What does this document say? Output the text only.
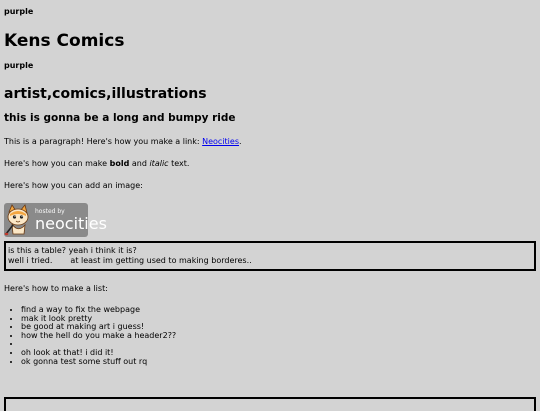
purple
Kens Comics
purple
artist,comics,illustrations
this is gonna be a long and bumpy ride

This is a paragraph! Here's how you make a link: Neocities.

Here's how you can make bold and italic text.

Here's how you can add an image:

hosted by
neocities
is this a table? yeah i think it is?
well i tried. at least im getting used to making borderes..

Here's how to make a list:

• find a way to fix the webpage
• mak it look pretty
• be good at making art i guess!
• how the hell do you make a header2??
•
• oh look at that! i did it!
• ok gonna test some stuff out rq
